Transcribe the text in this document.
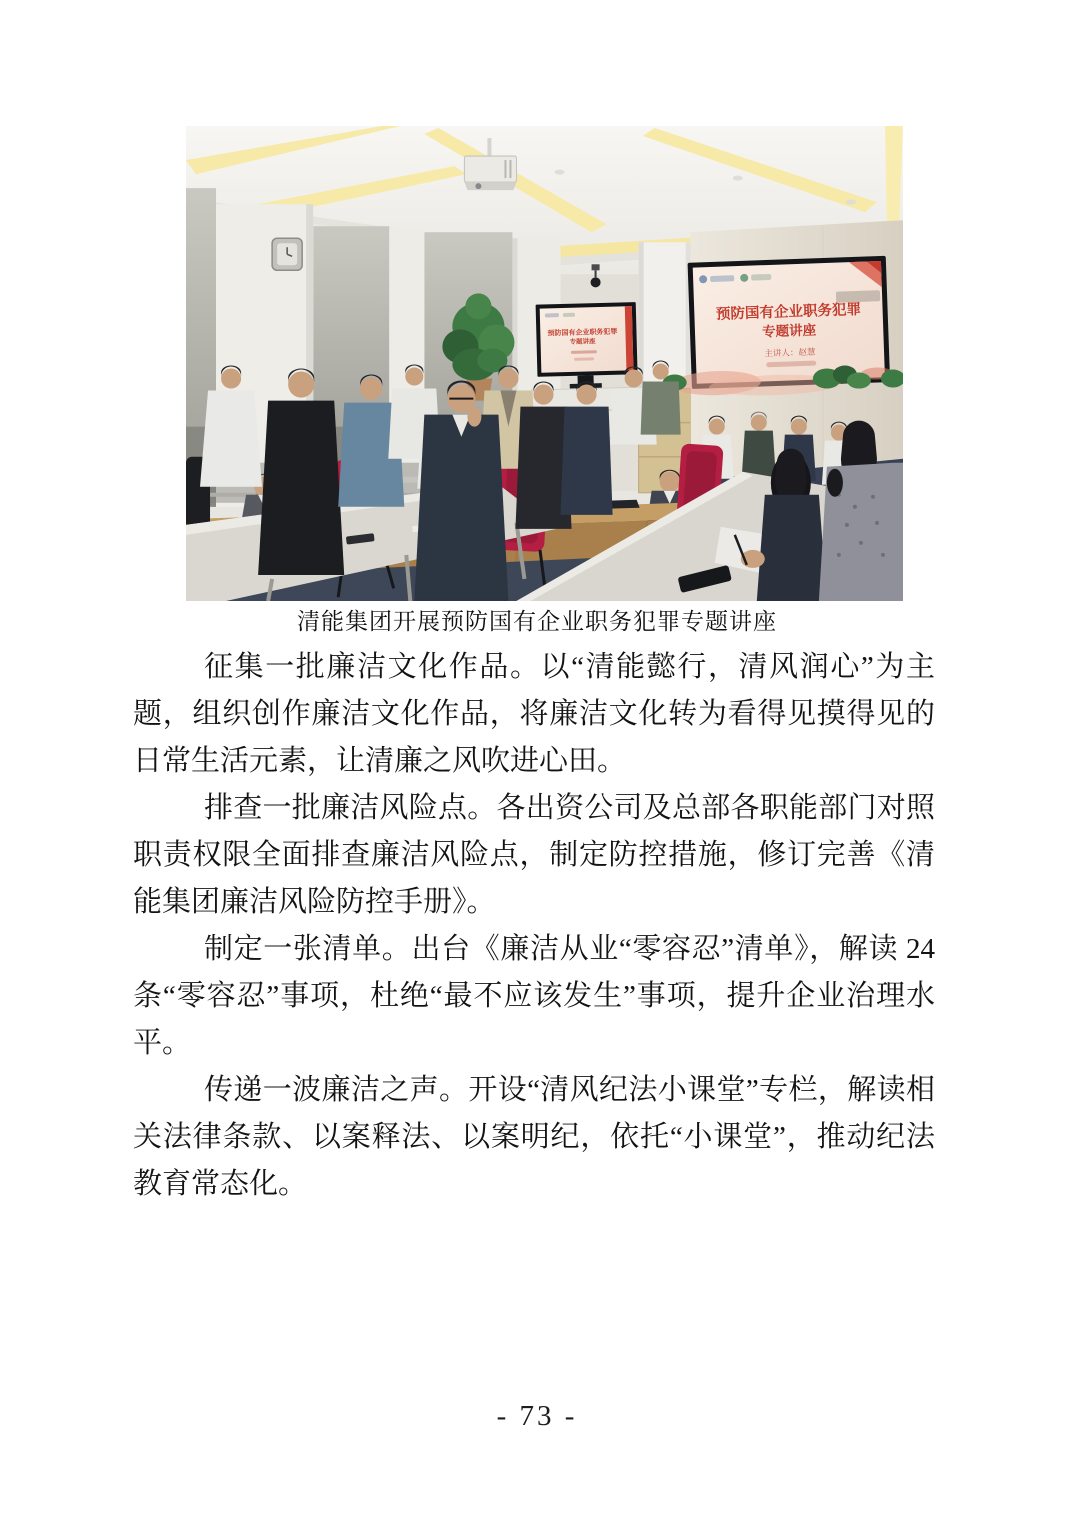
预防国有企业职务犯罪
专题讲座
主讲人：赵慧
预防国有企业职务犯罪
专题讲座
清能集团开展预防国有企业职务犯罪专题讲座

征集一批廉洁文化作品。以“清能懿行，清风润心”为主题，组织创作廉洁文化作品，将廉洁文化转为看得见摸得见的日常生活元素，让清廉之风吹进心田。

排查一批廉洁风险点。各出资公司及总部各职能部门对照职责权限全面排查廉洁风险点，制定防控措施，修订完善《清能集团廉洁风险防控手册》。

制定一张清单。出台《廉洁从业“零容忍”清单》，解读 24 条“零容忍”事项，杜绝“最不应该发生”事项，提升企业治理水平。

传递一波廉洁之声。开设“清风纪法小课堂”专栏，解读相关法律条款、以案释法、以案明纪，依托“小课堂”，推动纪法教育常态化。

- 73 -
